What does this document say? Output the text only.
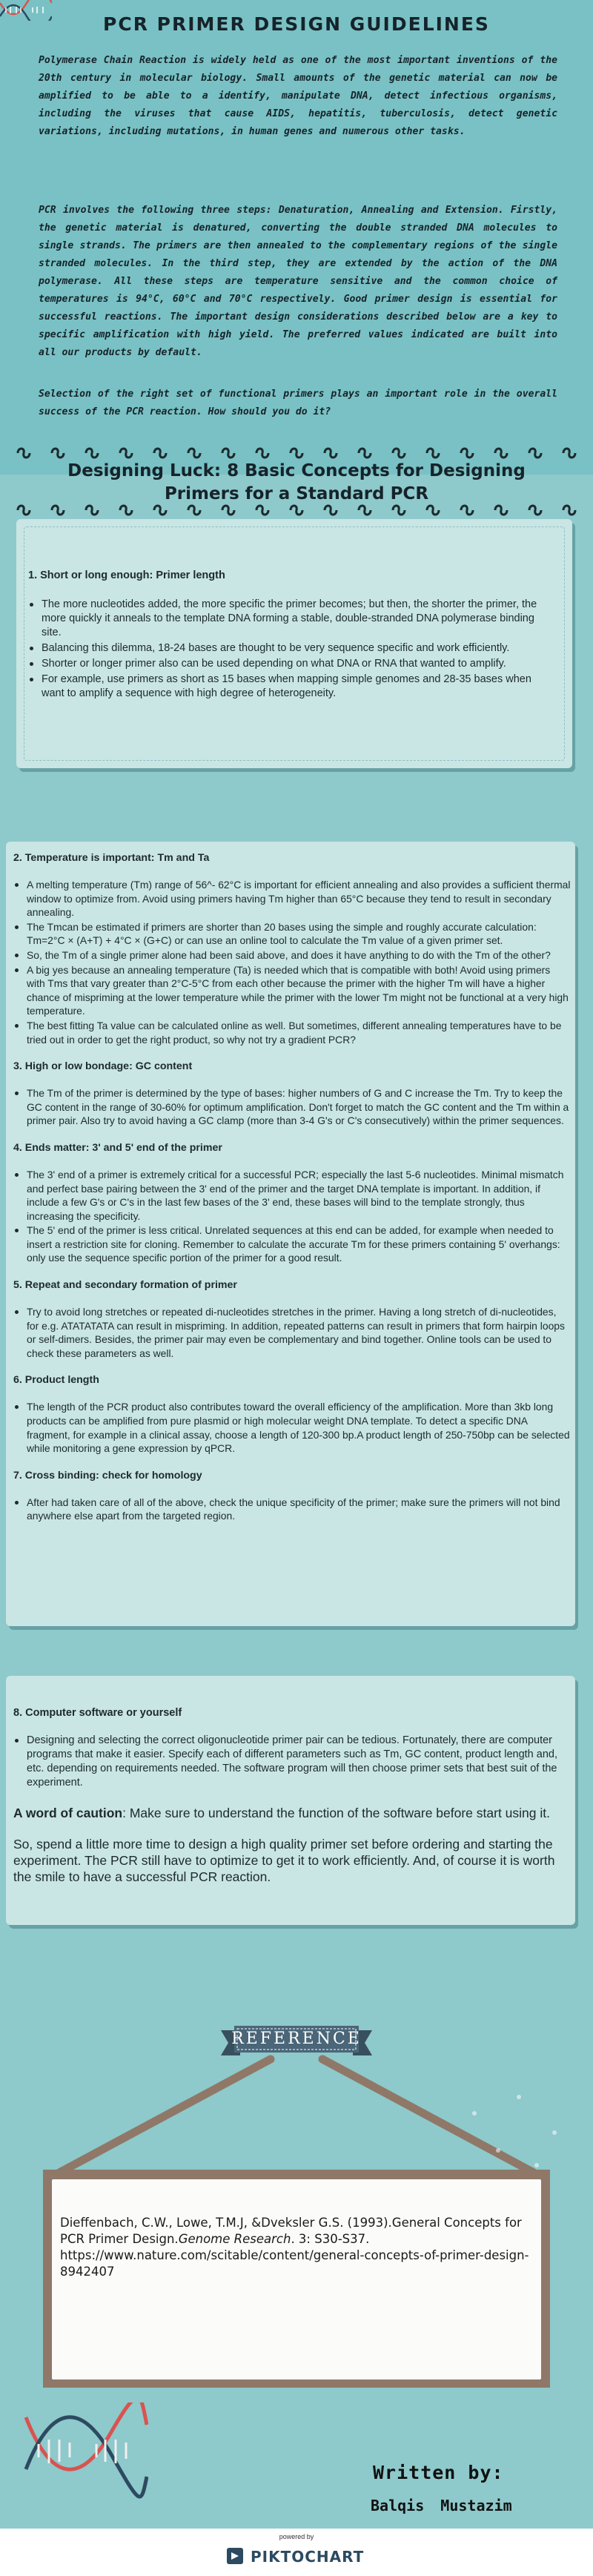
PCR PRIMER DESIGN GUIDELINES

Polymerase Chain Reaction is widely held as one of the most important inventions of the 20th century in molecular biology. Small amounts of the genetic material can now be amplified to be able to a identify, manipulate DNA, detect infectious organisms, including the viruses that cause AIDS, hepatitis, tuberculosis, detect genetic variations, including mutations, in human genes and numerous other tasks.

PCR involves the following three steps: Denaturation, Annealing and Extension. Firstly, the genetic material is denatured, converting the double stranded DNA molecules to single strands. The primers are then annealed to the complementary regions of the single stranded molecules. In the third step, they are extended by the action of the DNA polymerase. All these steps are temperature sensitive and the common choice of temperatures is 94°C, 60°C and 70°C respectively. Good primer design is essential for successful reactions. The important design considerations described below are a key to specific amplification with high yield. The preferred values indicated are built into all our products by default.

Selection of the right set of functional primers plays an important role in the overall success of the PCR reaction. How should you do it?

Designing Luck: 8 Basic Concepts for Designing Primers for a Standard PCR
1. Short or long enough: Primer length
The more nucleotides added, the more specific the primer becomes; but then, the shorter the primer, the more quickly it anneals to the template DNA forming a stable, double-stranded DNA polymerase binding site.
Balancing this dilemma, 18-24 bases are thought to be very sequence specific and work efficiently.
Shorter or longer primer also can be used depending on what DNA or RNA that wanted to amplify.
For example, use primers as short as 15 bases when mapping simple genomes and 28-35 bases when want to amplify a sequence with high degree of heterogeneity.
2. Temperature is important: Tm and Ta
A melting temperature (Tm) range of 56^- 62°C is important for efficient annealing and also provides a sufficient thermal window to optimize from. Avoid using primers having Tm higher than 65°C because they tend to result in secondary annealing.
The Tmcan be estimated if primers are shorter than 20 bases using the simple and roughly accurate calculation: Tm=2°C × (A+T) + 4°C × (G+C) or can use an online tool to calculate the Tm value of a given primer set.
So, the Tm of a single primer alone had been said above, and does it have anything to do with the Tm of the other?
A big yes because an annealing temperature (Ta) is needed which that is compatible with both! Avoid using primers with Tms that vary greater than 2°C-5°C from each other because the primer with the higher Tm will have a higher chance of mispriming at the lower temperature while the primer with the lower Tm might not be functional at a very high temperature.
The best fitting Ta value can be calculated online as well. But sometimes, different annealing temperatures have to be tried out in order to get the right product, so why not try a gradient PCR?
3. High or low bondage: GC content
The Tm of the primer is determined by the type of bases: higher numbers of G and C increase the Tm. Try to keep the GC content in the range of 30-60% for optimum amplification. Don't forget to match the GC content and the Tm within a primer pair. Also try to avoid having a GC clamp (more than 3-4 G's or C's consecutively) within the primer sequences.
4. Ends matter: 3' and 5' end of the primer
The 3' end of a primer is extremely critical for a successful PCR; especially the last 5-6 nucleotides. Minimal mismatch and perfect base pairing between the 3' end of the primer and the target DNA template is important. In addition, if include a few G's or C's in the last few bases of the 3' end, these bases will bind to the template strongly, thus increasing the specificity.
The 5' end of the primer is less critical. Unrelated sequences at this end can be added, for example when needed to insert a restriction site for cloning. Remember to calculate the accurate Tm for these primers containing 5' overhangs: only use the sequence specific portion of the primer for a good result.
5. Repeat and secondary formation of primer
Try to avoid long stretches or repeated di-nucleotides stretches in the primer. Having a long stretch of di-nucleotides, for e.g. ATATATATA can result in mispriming. In addition, repeated patterns can result in primers that form hairpin loops or self-dimers. Besides, the primer pair may even be complementary and bind together. Online tools can be used to check these parameters as well.
6. Product length
The length of the PCR product also contributes toward the overall efficiency of the amplification. More than 3kb long products can be amplified from pure plasmid or high molecular weight DNA template. To detect a specific DNA fragment, for example in a clinical assay, choose a length of 120-300 bp.A product length of 250-750bp can be selected while monitoring a gene expression by qPCR.
7. Cross binding: check for homology
After had taken care of all of the above, check the unique specificity of the primer; make sure the primers will not bind anywhere else apart from the targeted region.
8. Computer software or yourself
Designing and selecting the correct oligonucleotide primer pair can be tedious. Fortunately, there are computer programs that make it easier. Specify each of different parameters such as Tm, GC content, product length and, etc. depending on requirements needed. The software program will then choose primer sets that best suit of the experiment.

A word of caution: Make sure to understand the function of the software before start using it.

So, spend a little more time to design a high quality primer set before ordering and starting the experiment. The PCR still have to optimize to get it to work efficiently. And, of course it is worth the smile to have a successful PCR reaction.

REFERENCE
Dieffenbach, C.W., Lowe, T.M.J, &Dveksler G.S. (1993).General Concepts for PCR Primer Design.Genome Research. 3: S30-S37.
https://www.nature.com/scitable/content/general-concepts-of-primer-design-8942407
Written by:
Balqis Mustazim
powered by
PIKTOCHART
